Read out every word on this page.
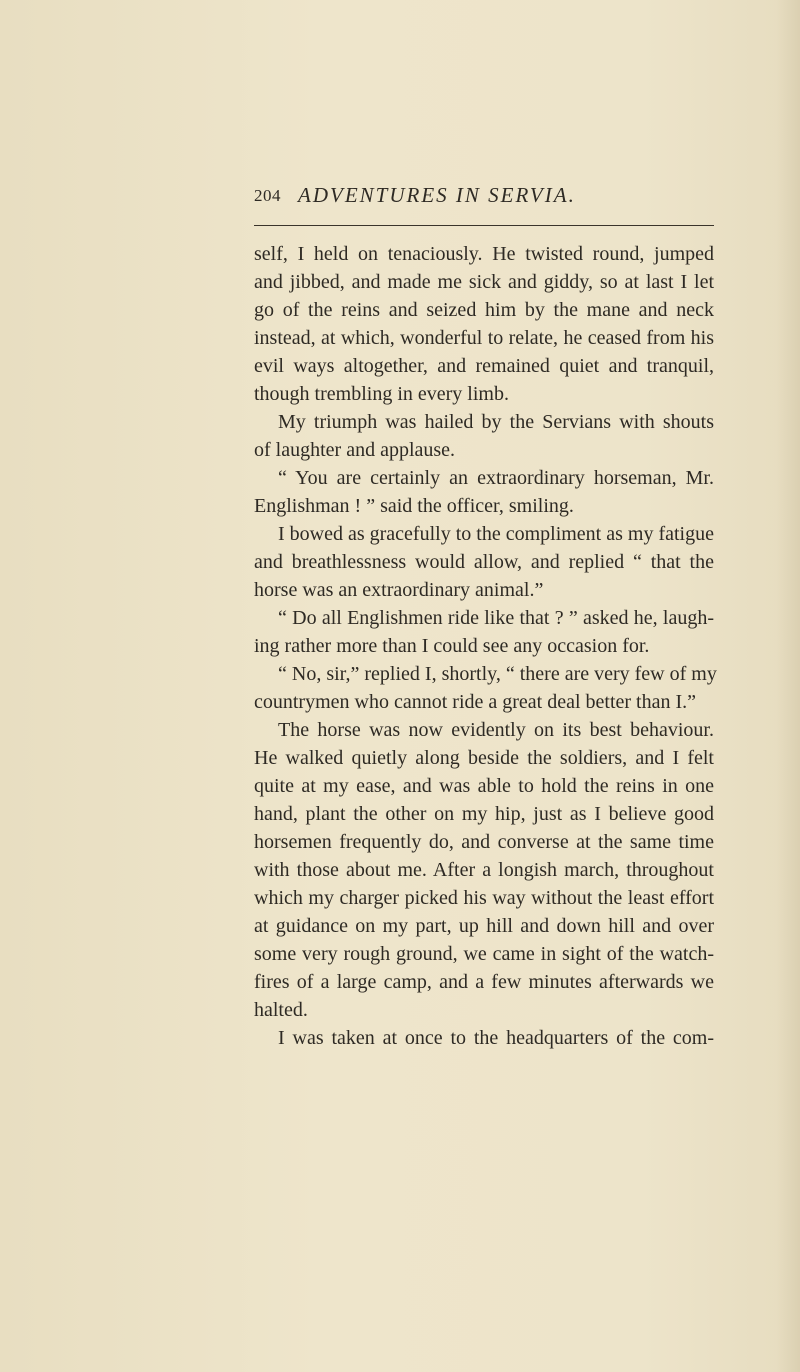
204 ADVENTURES IN SERVIA.
self, I held on tenaciously. He twisted round, jumped
and jibbed, and made me sick and giddy, so at last I let
go of the reins and seized him by the mane and neck
instead, at which, wonderful to relate, he ceased from his
evil ways altogether, and remained quiet and tranquil,
though trembling in every limb.
My triumph was hailed by the Servians with shouts
of laughter and applause.
“ You are certainly an extraordinary horseman, Mr.
Englishman ! ” said the officer, smiling.
I bowed as gracefully to the compliment as my fatigue
and breathlessness would allow, and replied “ that the
horse was an extraordinary animal.”
“ Do all Englishmen ride like that ? ” asked he, laugh-
ing rather more than I could see any occasion for.
“ No, sir,” replied I, shortly, “ there are very few of my
countrymen who cannot ride a great deal better than I.”
The horse was now evidently on its best behaviour.
He walked quietly along beside the soldiers, and I felt
quite at my ease, and was able to hold the reins in one
hand, plant the other on my hip, just as I believe good
horsemen frequently do, and converse at the same time
with those about me. After a longish march, throughout
which my charger picked his way without the least effort
at guidance on my part, up hill and down hill and over
some very rough ground, we came in sight of the watch-
fires of a large camp, and a few minutes afterwards we
halted.
I was taken at once to the headquarters of the com-
